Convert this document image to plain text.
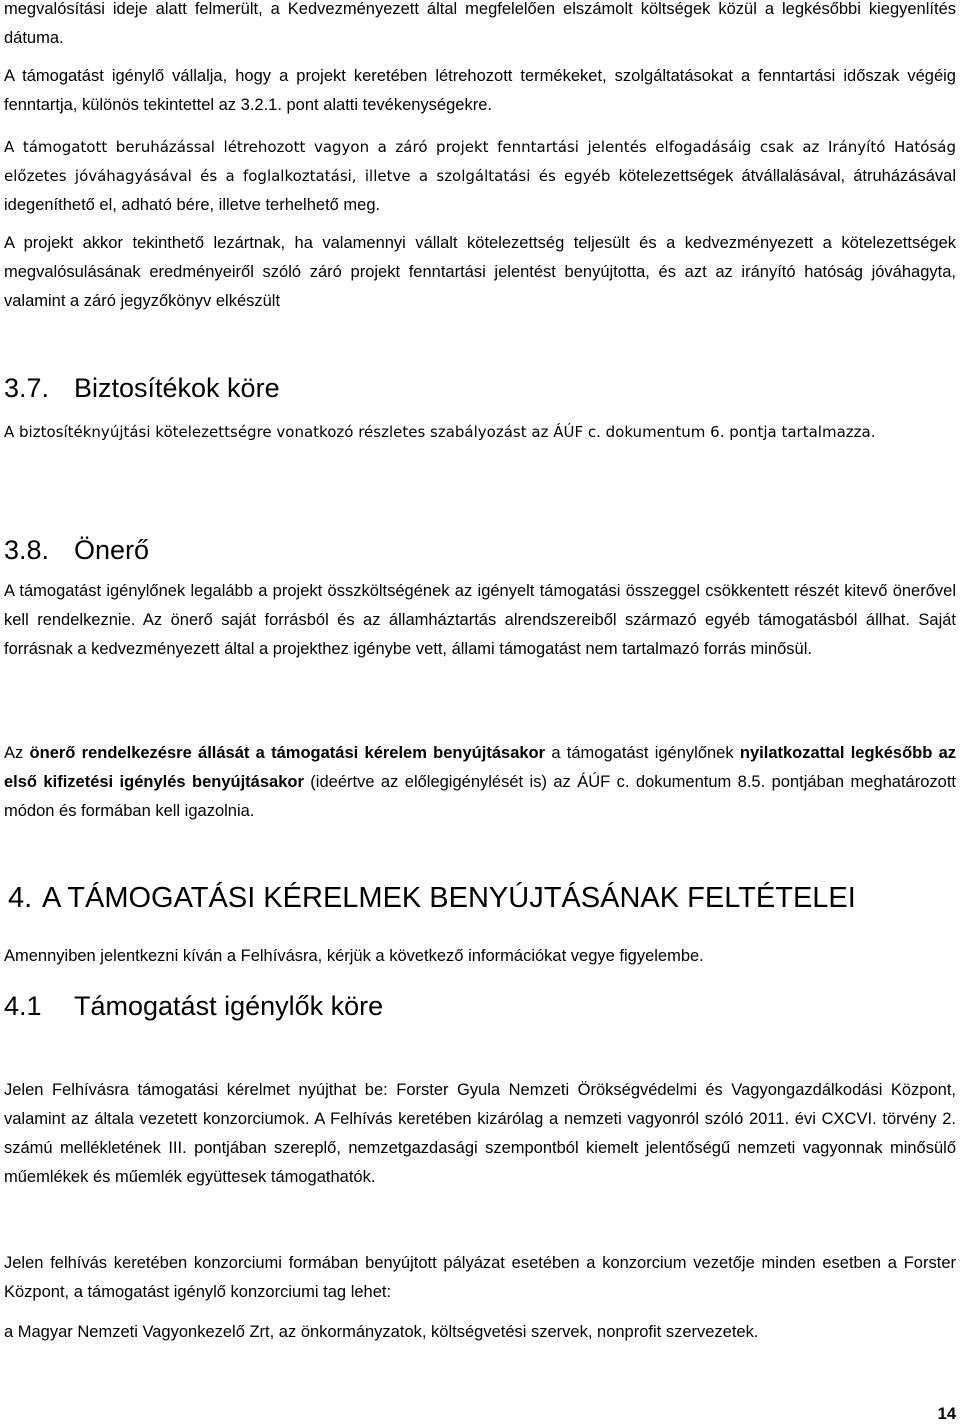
megvalósítási ideje alatt felmerült, a Kedvezményezett által megfelelően elszámolt költségek közül a legkésőbbi kiegyenlítés dátuma.

A támogatást igénylő vállalja, hogy a projekt keretében létrehozott termékeket, szolgáltatásokat a fenntartási időszak végéig fenntartja, különös tekintettel az 3.2.1. pont alatti tevékenységekre.

A támogatott beruházással létrehozott vagyon a záró projekt fenntartási jelentés elfogadásáig csak az Irányító Hatóság előzetes jóváhagyásával és a foglalkoztatási, illetve a szolgáltatási és egyéb kötelezettségek átvállalásával, átruházásával idegeníthető el, adható bére, illetve terhelhető meg.

A projekt akkor tekinthető lezártnak, ha valamennyi vállalt kötelezettség teljesült és a kedvezményezett a kötelezettségek megvalósulásának eredményeiről szóló záró projekt fenntartási jelentést benyújtotta, és azt az irányító hatóság jóváhagyta, valamint a záró jegyzőkönyv elkészült

3.7. Biztosítékok köre

A biztosítéknyújtási kötelezettségre vonatkozó részletes szabályozást az ÁÚF c. dokumentum 6. pontja tartalmazza.

3.8. Önerő

A támogatást igénylőnek legalább a projekt összköltségének az igényelt támogatási összeggel csökkentett részét kitevő önerővel kell rendelkeznie. Az önerő saját forrásból és az államháztartás alrendszereiből származó egyéb támogatásból állhat. Saját forrásnak a kedvezményezett által a projekthez igénybe vett, állami támogatást nem tartalmazó forrás minősül.

Az önerő rendelkezésre állását a támogatási kérelem benyújtásakor a támogatást igénylőnek nyilatkozattal legkésőbb az első kifizetési igénylés benyújtásakor (ideértve az előlegigénylését is) az ÁÚF c. dokumentum 8.5. pontjában meghatározott módon és formában kell igazolnia.

4. A TÁMOGATÁSI KÉRELMEK BENYÚJTÁSÁNAK FELTÉTELEI

Amennyiben jelentkezni kíván a Felhívásra, kérjük a következő információkat vegye figyelembe.

4.1 Támogatást igénylők köre

Jelen Felhívásra támogatási kérelmet nyújthat be: Forster Gyula Nemzeti Örökségvédelmi és Vagyongazdálkodási Központ, valamint az általa vezetett konzorciumok. A Felhívás keretében kizárólag a nemzeti vagyonról szóló 2011. évi CXCVI. törvény 2. számú mellékletének III. pontjában szereplő, nemzetgazdasági szempontból kiemelt jelentőségű nemzeti vagyonnak minősülő műemlékek és műemlék együttesek támogathatók.

Jelen felhívás keretében konzorciumi formában benyújtott pályázat esetében a konzorcium vezetője minden esetben a Forster Központ, a támogatást igénylő konzorciumi tag lehet:

a Magyar Nemzeti Vagyonkezelő Zrt, az önkormányzatok, költségvetési szervek, nonprofit szervezetek.

14
